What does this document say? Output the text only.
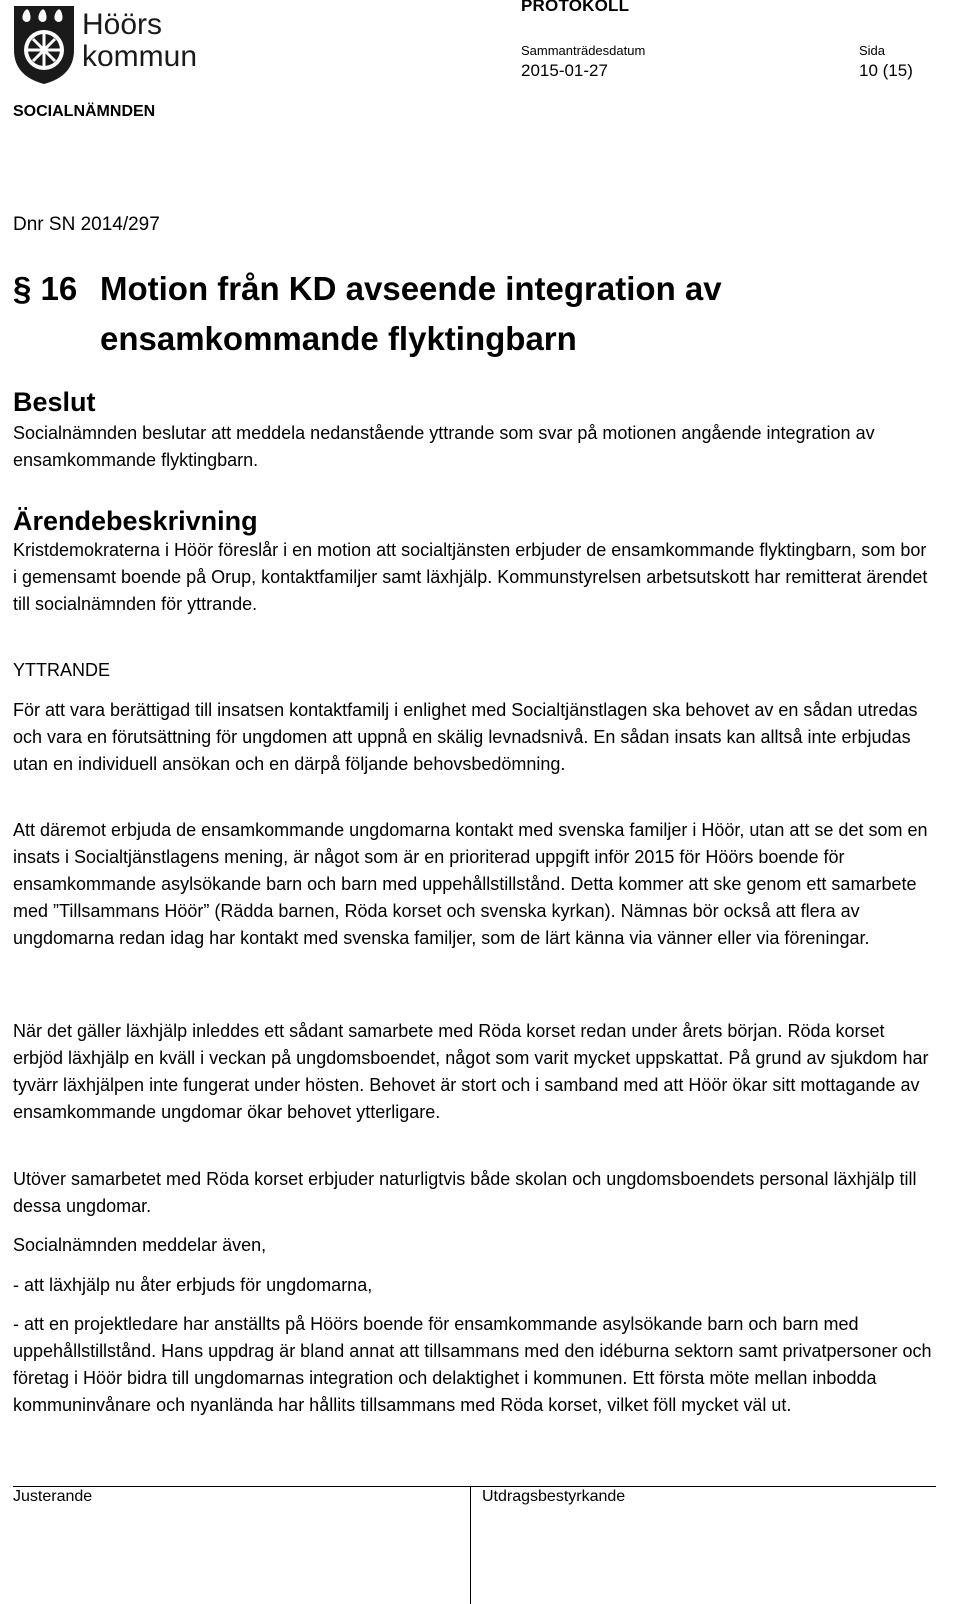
Höörs
kommun
PROTOKOLL
Sammanträdesdatum
2015-01-27
Sida
10 (15)
SOCIALNÄMNDEN
Dnr SN 2014/297
§ 16 Motion från KD avseende integration av ensamkommande flyktingbarn
Beslut
Socialnämnden beslutar att meddela nedanstående yttrande som svar på motionen angående integration av ensamkommande flyktingbarn.
Ärendebeskrivning
Kristdemokraterna i Höör föreslår i en motion att socialtjänsten erbjuder de ensamkommande flyktingbarn, som bor i gemensamt boende på Orup, kontaktfamiljer samt läxhjälp. Kommunstyrelsen arbetsutskott har remitterat ärendet till socialnämnden för yttrande.
YTTRANDE
För att vara berättigad till insatsen kontaktfamilj i enlighet med Socialtjänstlagen ska behovet av en sådan utredas och vara en förutsättning för ungdomen att uppnå en skälig levnadsnivå. En sådan insats kan alltså inte erbjudas utan en individuell ansökan och en därpå följande behovsbedömning.
Att däremot erbjuda de ensamkommande ungdomarna kontakt med svenska familjer i Höör, utan att se det som en insats i Socialtjänstlagens mening, är något som är en prioriterad uppgift inför 2015 för Höörs boende för ensamkommande asylsökande barn och barn med uppehållstillstånd. Detta kommer att ske genom ett samarbete med ”Tillsammans Höör” (Rädda barnen, Röda korset och svenska kyrkan). Nämnas bör också att flera av ungdomarna redan idag har kontakt med svenska familjer, som de lärt känna via vänner eller via föreningar.
När det gäller läxhjälp inleddes ett sådant samarbete med Röda korset redan under årets början. Röda korset erbjöd läxhjälp en kväll i veckan på ungdomsboendet, något som varit mycket uppskattat. På grund av sjukdom har tyvärr läxhjälpen inte fungerat under hösten. Behovet är stort och i samband med att Höör ökar sitt mottagande av ensamkommande ungdomar ökar behovet ytterligare.
Utöver samarbetet med Röda korset erbjuder naturligtvis både skolan och ungdomsboendets personal läxhjälp till dessa ungdomar.
Socialnämnden meddelar även,
- att läxhjälp nu åter erbjuds för ungdomarna,
- att en projektledare har anställts på Höörs boende för ensamkommande asylsökande barn och barn med uppehållstillstånd. Hans uppdrag är bland annat att tillsammans med den idéburna sektorn samt privatpersoner och företag i Höör bidra till ungdomarnas integration och delaktighet i kommunen. Ett första möte mellan inbodda kommuninvånare och nyanlända har hållits tillsammans med Röda korset, vilket föll mycket väl ut.
Justerande	Utdragsbestyrkande
